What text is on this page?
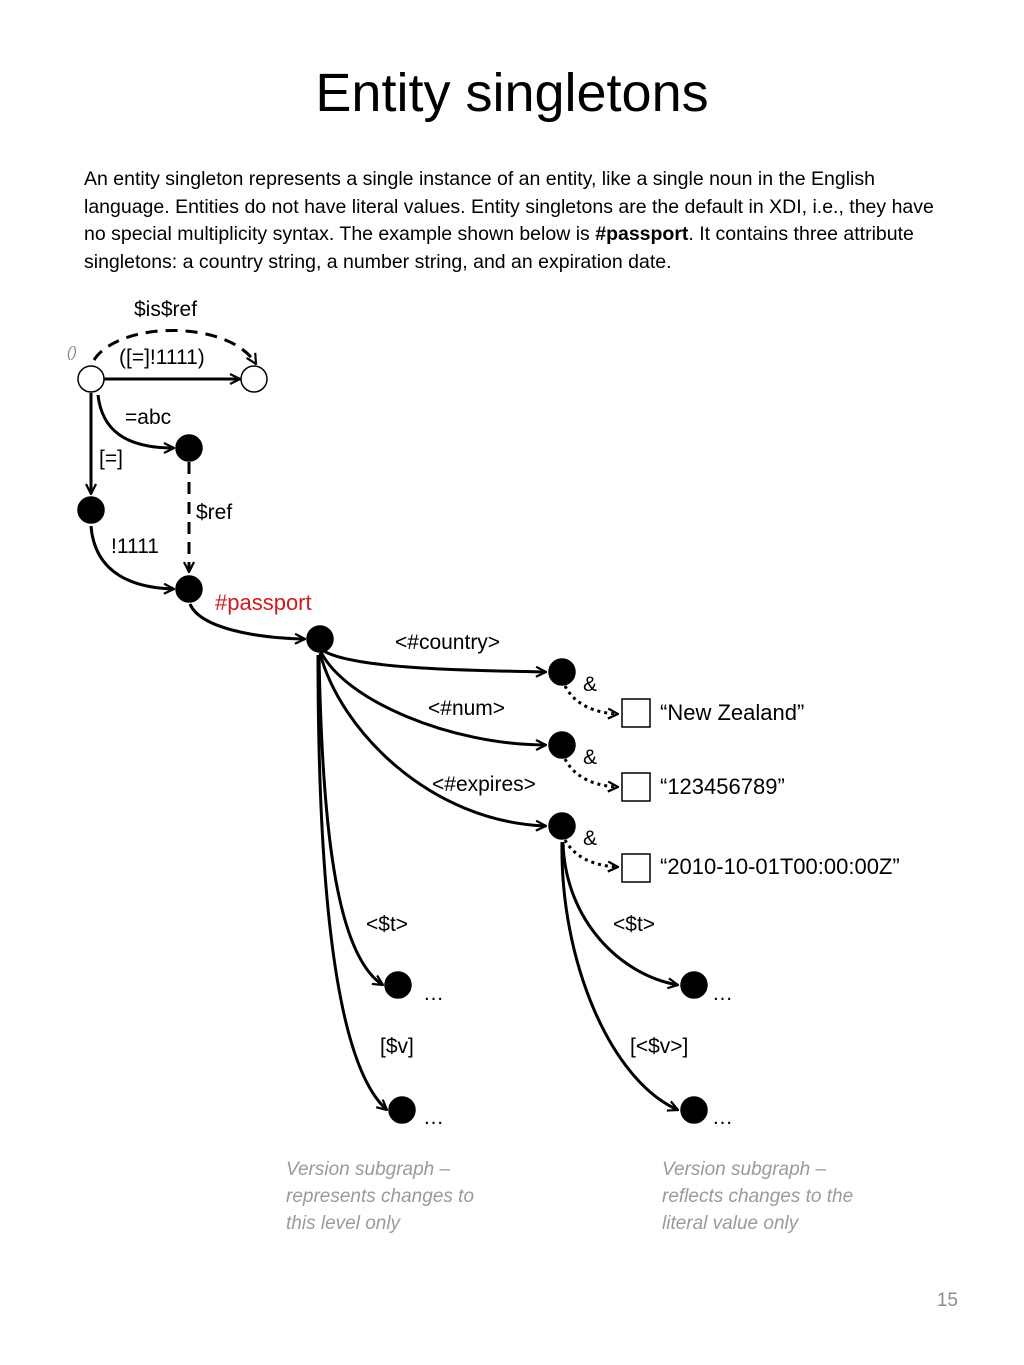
Entity singletons

An entity singleton represents a single instance of an entity, like a single noun in the English language. Entities do not have literal values. Entity singletons are the default in XDI, i.e., they have no special multiplicity syntax. The example shown below is #passport. It contains three attribute singletons: a country string, a number string, and an expiration date.

()
$is$ref
([=]!1111)
=abc
[=]
$ref
!1111
#passport
<#country>
<#num>
<#expires>
&
&
&
“New Zealand”
“123456789”
“2010-10-01T00:00:00Z”
<$t>
[$v]
<$t>
[<$v>]
…
…
…
…
Version subgraph –
represents changes to
this level only
Version subgraph –
reflects changes to the
literal value only
15
